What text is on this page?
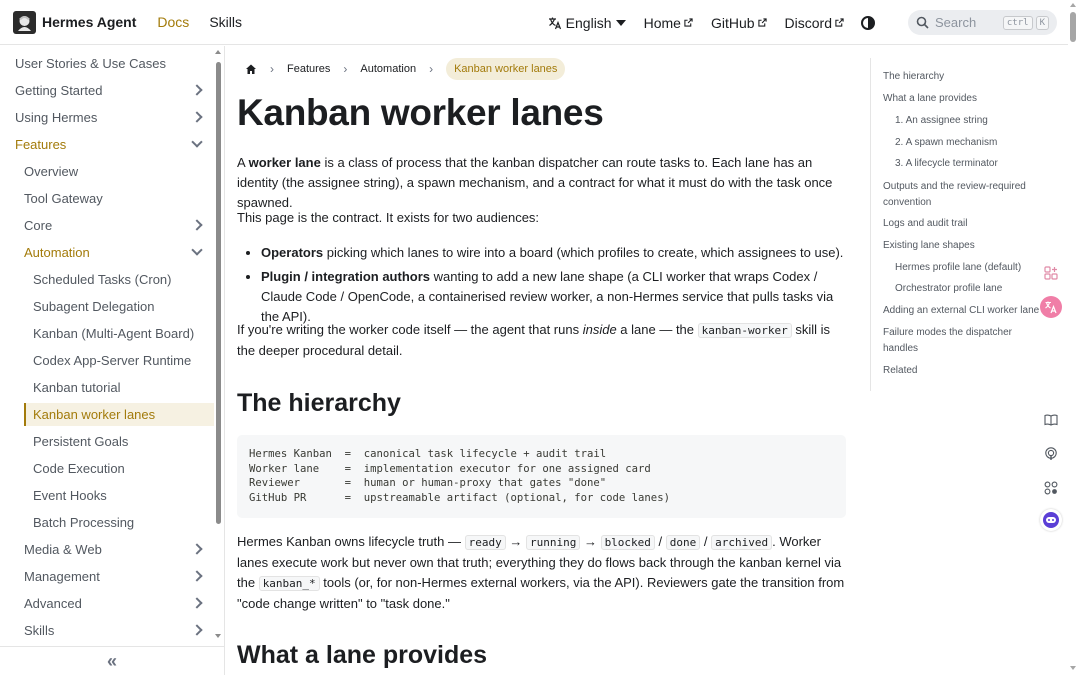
Hermes Agent Docs Skills	English Home GitHub Discord	Search	ctrl	K
User Stories & Use Cases
Getting Started
Using Hermes
Features
Overview
Tool Gateway
Core
Automation
Scheduled Tasks (Cron)
Subagent Delegation
Kanban (Multi-Agent Board)
Codex App-Server Runtime
Kanban tutorial
Kanban worker lanes
Persistent Goals
Code Execution
Event Hooks
Batch Processing
Media & Web
Management
Advanced
Skills
«
› Features › Automation ›	Kanban worker lanes
Kanban worker lanes

A worker lane is a class of process that the kanban dispatcher can route tasks to. Each lane has an identity (the assignee string), a spawn mechanism, and a contract for what it must do with the task once spawned.

This page is the contract. It exists for two audiences:

• Operators picking which lanes to wire into a board (which profiles to create, which assignees to use).
• Plugin / integration authors wanting to add a new lane shape (a CLI worker that wraps Codex / Claude Code / OpenCode, a containerised review worker, a non-Hermes service that pulls tasks via the API).

If you're writing the worker code itself — the agent that runs inside a lane — the kanban-worker skill is the deeper procedural detail.

The hierarchy
Hermes Kanban  =  canonical task lifecycle + audit trail
Worker lane    =  implementation executor for one assigned card
Reviewer       =  human or human-proxy that gates "done"
GitHub PR      =  upstreamable artifact (optional, for code lanes)

Hermes Kanban owns lifecycle truth — ready → running → blocked / done / archived . Worker lanes execute work but never own that truth; everything they do flows back through the kanban kernel via the kanban_* tools (or, for non-Hermes external workers, via the API). Reviewers gate the transition from "code change written" to "task done."

What a lane provides
The hierarchy
What a lane provides
1. An assignee string
2. A spawn mechanism
3. A lifecycle terminator
Outputs and the review-required convention
Logs and audit trail
Existing lane shapes
Hermes profile lane (default)
Orchestrator profile lane
Adding an external CLI worker lane
Failure modes the dispatcher handles
Related
